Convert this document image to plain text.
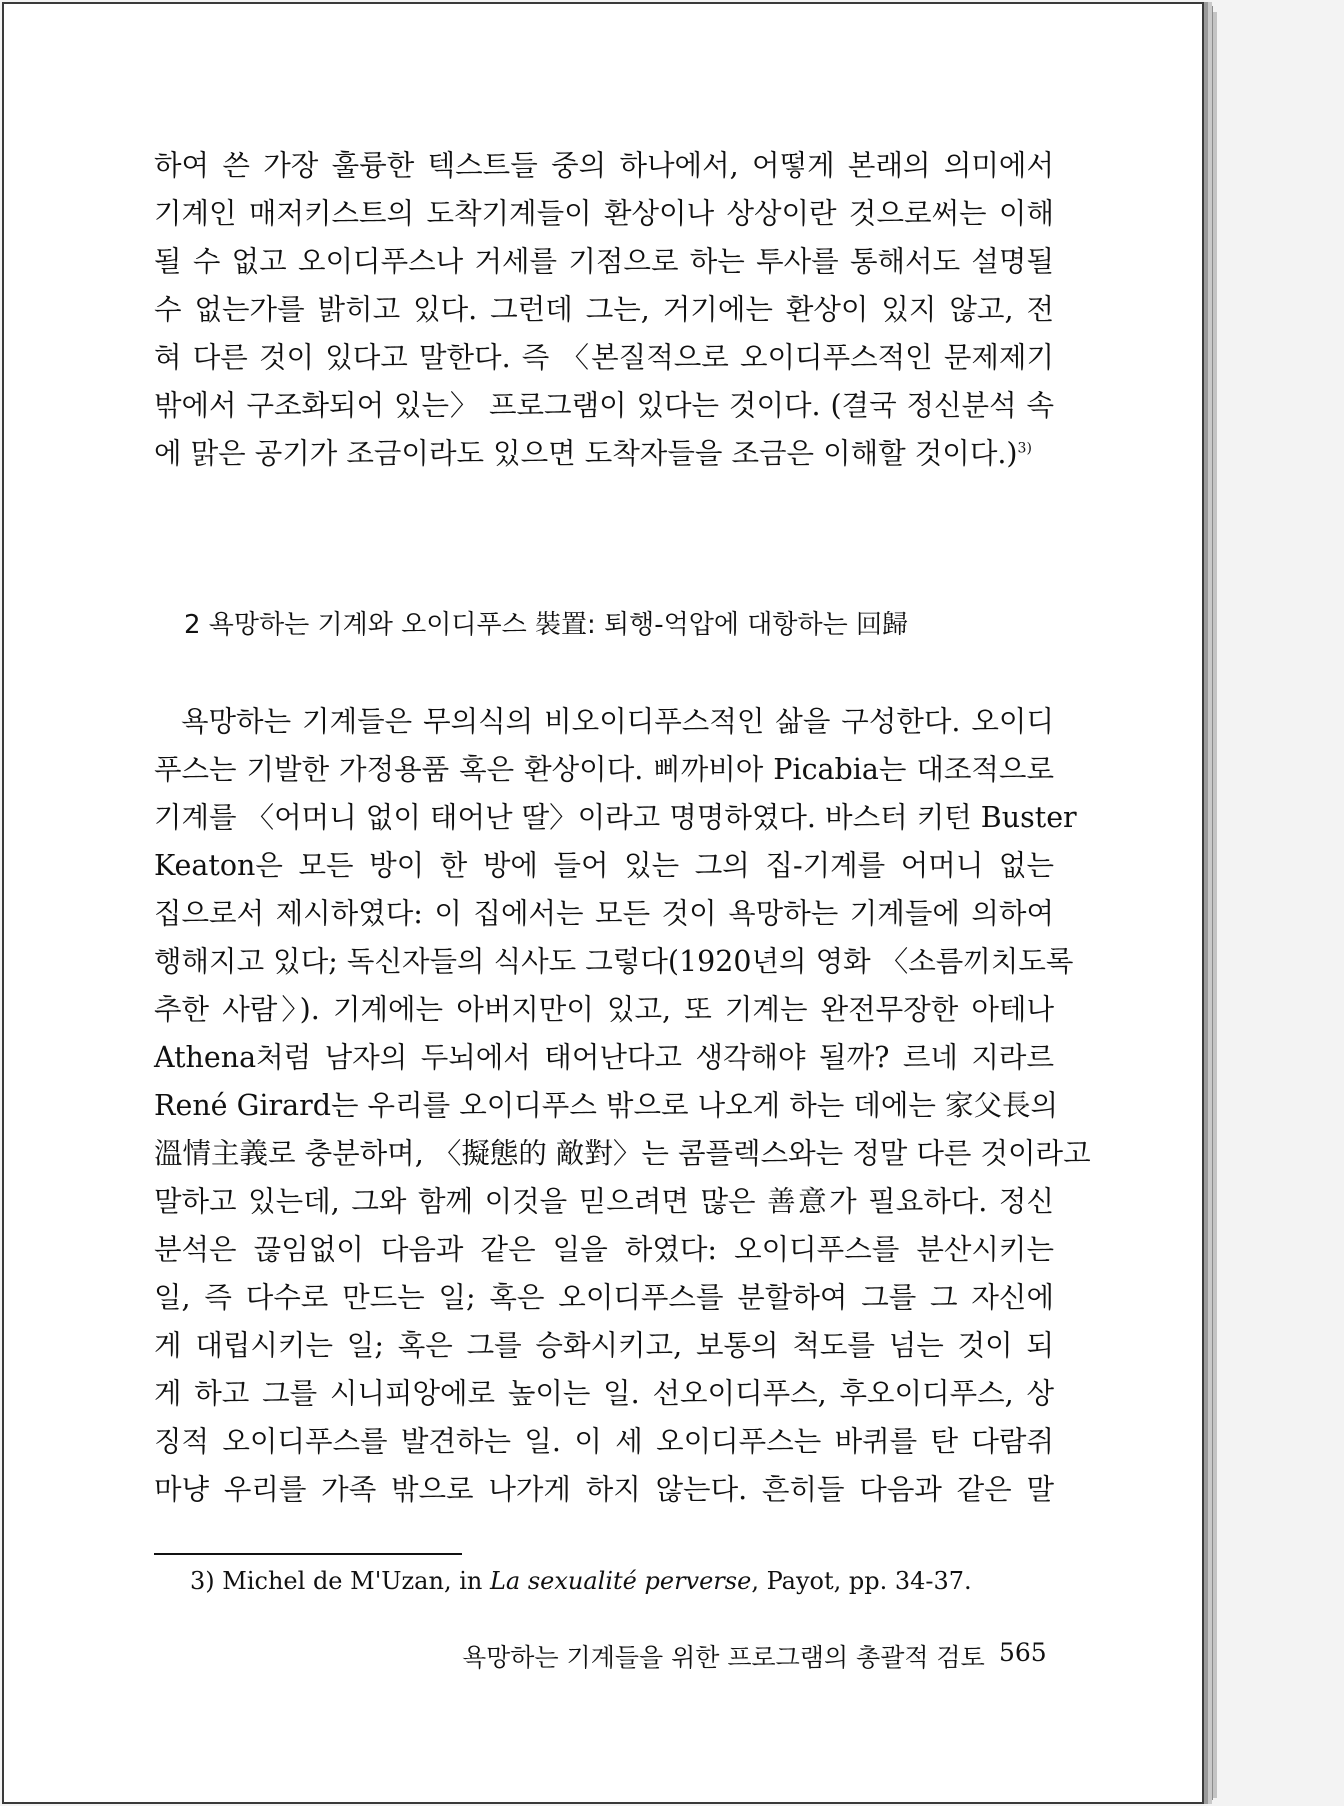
하여 쓴 가장 훌륭한 텍스트들 중의 하나에서, 어떻게 본래의 의미에서

기계인 매저키스트의 도착기계들이 환상이나 상상이란 것으로써는 이해

될 수 없고 오이디푸스나 거세를 기점으로 하는 투사를 통해서도 설명될

수 없는가를 밝히고 있다. 그런데 그는, 거기에는 환상이 있지 않고, 전

혀 다른 것이 있다고 말한다. 즉 〈본질적으로 오이디푸스적인 문제제기

밖에서 구조화되어 있는〉 프로그램이 있다는 것이다. (결국 정신분석 속

에 맑은 공기가 조금이라도 있으면 도착자들을 조금은 이해할 것이다.)$^{3)}$

2 욕망하는 기계와 오이디푸스 裝置: 퇴행-억압에 대항하는 回歸

욕망하는 기계들은 무의식의 비오이디푸스적인 삶을 구성한다. 오이디

푸스는 기발한 가정용품 혹은 환상이다. 삐까비아 Picabia는 대조적으로

기계를 〈어머니 없이 태어난 딸〉이라고 명명하였다. 바스터 키턴 Buster

Keaton은 모든 방이 한 방에 들어 있는 그의 집-기계를 어머니 없는

집으로서 제시하였다: 이 집에서는 모든 것이 욕망하는 기계들에 의하여

행해지고 있다; 독신자들의 식사도 그렇다(1920년의 영화 〈소름끼치도록

추한 사람〉). 기계에는 아버지만이 있고, 또 기계는 완전무장한 아테나

Athena처럼 남자의 두뇌에서 태어난다고 생각해야 될까? 르네 지라르

René Girard는 우리를 오이디푸스 밖으로 나오게 하는 데에는 家父長의

溫情主義로 충분하며, 〈擬態的 敵對〉는 콤플렉스와는 정말 다른 것이라고

말하고 있는데, 그와 함께 이것을 믿으려면 많은 善意가 필요하다. 정신

분석은 끊임없이 다음과 같은 일을 하였다: 오이디푸스를 분산시키는

일, 즉 다수로 만드는 일; 혹은 오이디푸스를 분할하여 그를 그 자신에

게 대립시키는 일; 혹은 그를 승화시키고, 보통의 척도를 넘는 것이 되

게 하고 그를 시니피앙에로 높이는 일. 선오이디푸스, 후오이디푸스, 상

징적 오이디푸스를 발견하는 일. 이 세 오이디푸스는 바퀴를 탄 다람쥐

마냥 우리를 가족 밖으로 나가게 하지 않는다. 흔히들 다음과 같은 말

3) Michel de M'Uzan, in La sexualité perverse, Payot, pp. 34-37.
욕망하는 기계들을 위한 프로그램의 총괄적 검토 565
